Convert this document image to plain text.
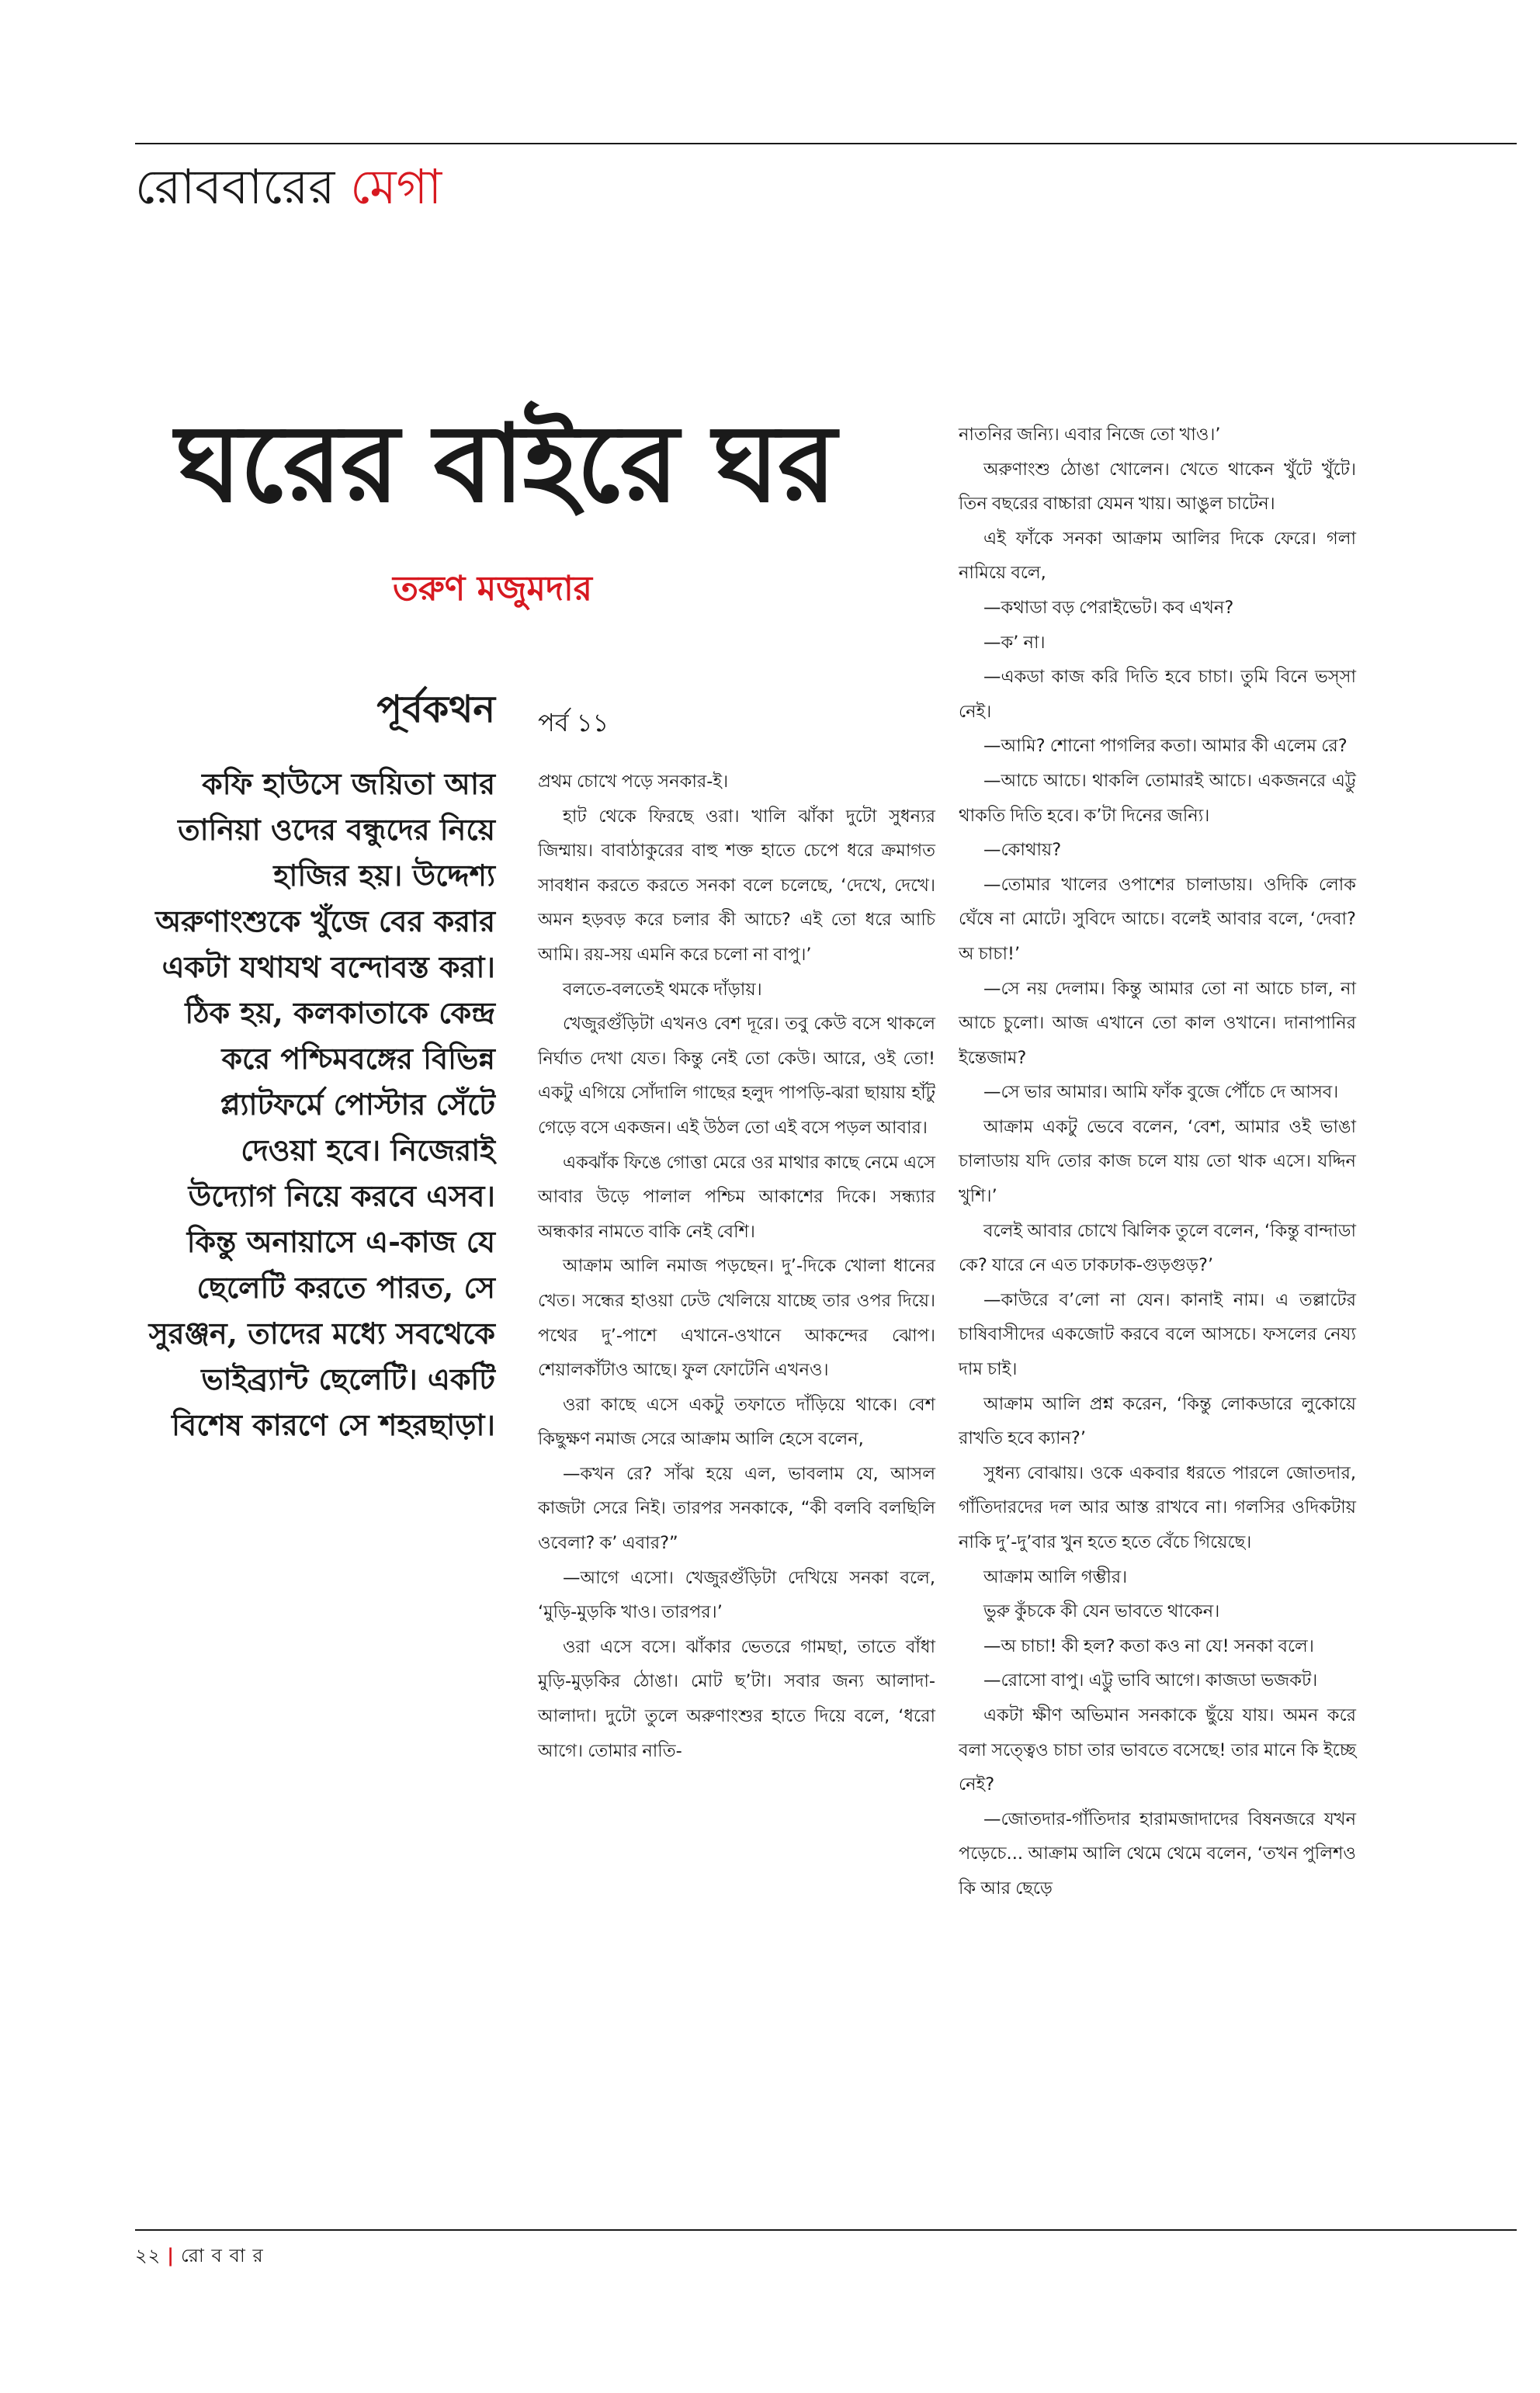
রোববারের মেগা
ঘরের বাইরে ঘর
তরুণ মজুমদার
পূর্বকথন

কফি হাউসে জয়িতা আর তানিয়া ওদের বন্ধুদের নিয়ে হাজির হয়। উদ্দেশ্য অরুণাংশুকে খুঁজে বের করার একটা যথাযথ বন্দোবস্ত করা। ঠিক হয়, কলকাতাকে কেন্দ্র করে পশ্চিমবঙ্গের বিভিন্ন প্ল্যাটফর্মে পোস্টার সেঁটে দেওয়া হবে। নিজেরাই উদ্যোগ নিয়ে করবে এসব। কিন্তু অনায়াসে এ-কাজ যে ছেলেটি করতে পারত, সে সুরঞ্জন, তাদের মধ্যে সবথেকে ভাইব্র্যান্ট ছেলেটি। একটি বিশেষ কারণে সে শহরছাড়া।

পর্ব ১১

প্রথম চোখে পড়ে সনকার-ই।

হাট থেকে ফিরছে ওরা। খালি ঝাঁকা দুটো সুধন্যর জিম্মায়। বাবাঠাকুরের বাহু শক্ত হাতে চেপে ধরে ক্রমাগত সাবধান করতে করতে সনকা বলে চলেছে, ‘দেখে, দেখে। অমন হড়বড় করে চলার কী আচে? এই তো ধরে আচি আমি। রয়-সয় এমনি করে চলো না বাপু।’

বলতে-বলতেই থমকে দাঁড়ায়।

খেজুরগুঁড়িটা এখনও বেশ দূরে। তবু কেউ বসে থাকলে নির্ঘাত দেখা যেত। কিন্তু নেই তো কেউ। আরে, ওই তো! একটু এগিয়ে সোঁদালি গাছের হলুদ পাপড়ি-ঝরা ছায়ায় হাঁটু গেড়ে বসে একজন। এই উঠল তো এই বসে পড়ল আবার।

একঝাঁক ফিঙে গোত্তা মেরে ওর মাথার কাছে নেমে এসে আবার উড়ে পালাল পশ্চিম আকাশের দিকে। সন্ধ্যার অন্ধকার নামতে বাকি নেই বেশি।

আক্রাম আলি নমাজ পড়ছেন। দু’-দিকে খোলা ধানের খেত। সন্ধের হাওয়া ঢেউ খেলিয়ে যাচ্ছে তার ওপর দিয়ে। পথের দু’-পাশে এখানে-ওখানে আকন্দের ঝোপ। শেয়ালকাঁটাও আছে। ফুল ফোটেনি এখনও।

ওরা কাছে এসে একটু তফাতে দাঁড়িয়ে থাকে। বেশ কিছুক্ষণ নমাজ সেরে আক্রাম আলি হেসে বলেন,

—কখন রে? সাঁঝ হয়ে এল, ভাবলাম যে, আসল কাজটা সেরে নিই। তারপর সনকাকে, “কী বলবি বলছিলি ওবেলা? ক’ এবার?”

—আগে এসো। খেজুরগুঁড়িটা দেখিয়ে সনকা বলে, ‘মুড়ি-মুড়কি খাও। তারপর।’

ওরা এসে বসে। ঝাঁকার ভেতরে গামছা, তাতে বাঁধা মুড়ি-মুড়কির ঠোঙা। মোট ছ’টা। সবার জন্য আলাদা-আলাদা। দুটো তুলে অরুণাংশুর হাতে দিয়ে বলে, ‘ধরো আগে। তোমার নাতি-

নাতনির জন্যি। এবার নিজে তো খাও।’

অরুণাংশু ঠোঙা খোলেন। খেতে থাকেন খুঁটে খুঁটে। তিন বছরের বাচ্চারা যেমন খায়। আঙুল চাটেন।

এই ফাঁকে সনকা আক্রাম আলির দিকে ফেরে। গলা নামিয়ে বলে,

—কথাডা বড় পেরাইভেট। কব এখন?

—ক’ না।

—একডা কাজ করি দিতি হবে চাচা। তুমি বিনে ভস্‌সা নেই।

—আমি? শোনো পাগলির কতা। আমার কী এলেম রে?

—আচে আচে। থাকলি তোমারই আচে। একজনরে এট্টু থাকতি দিতি হবে। ক’টা দিনের জন্যি।

—কোথায়?

—তোমার খালের ওপাশের চালাডায়। ওদিকি লোক ঘেঁষে না মোটে। সুবিদে আচে। বলেই আবার বলে, ‘দেবা? অ চাচা!’

—সে নয় দেলাম। কিন্তু আমার তো না আচে চাল, না আচে চুলো। আজ এখানে তো কাল ওখানে। দানাপানির ইন্তেজাম?

—সে ভার আমার। আমি ফাঁক বুজে পৌঁচে দে আসব।

আক্রাম একটু ভেবে বলেন, ‘বেশ, আমার ওই ভাঙা চালাডায় যদি তোর কাজ চলে যায় তো থাক এসে। যদ্দিন খুশি।’

বলেই আবার চোখে ঝিলিক তুলে বলেন, ‘কিন্তু বান্দাডা কে? যারে নে এত ঢাকঢাক-গুড়গুড়?’

—কাউরে ব’লো না যেন। কানাই নাম। এ তল্লাটের চাষিবাসীদের একজোট করবে বলে আসচে। ফসলের নেয্য দাম চাই।

আক্রাম আলি প্রশ্ন করেন, ‘কিন্তু লোকডারে লুকোয়ে রাখতি হবে ক্যান?’

সুধন্য বোঝায়। ওকে একবার ধরতে পারলে জোতদার, গাঁতিদারদের দল আর আস্ত রাখবে না। গলসির ওদিকটায় নাকি দু’-দু’বার খুন হতে হতে বেঁচে গিয়েছে।

আক্রাম আলি গম্ভীর।

ভুরু কুঁচকে কী যেন ভাবতে থাকেন।

—অ চাচা! কী হল? কতা কও না যে! সনকা বলে।

—রোসো বাপু। এট্টু ভাবি আগে। কাজডা ভজকট।

একটা ক্ষীণ অভিমান সনকাকে ছুঁয়ে যায়। অমন করে বলা সত্ত্বেও চাচা তার ভাবতে বসেছে! তার মানে কি ইচ্ছে নেই?

—জোতদার-গাঁতিদার হারামজাদাদের বিষনজরে যখন পড়েচে... আক্রাম আলি থেমে থেমে বলেন, ‘তখন পুলিশও কি আর ছেড়ে

২২ | রো ব বা র
